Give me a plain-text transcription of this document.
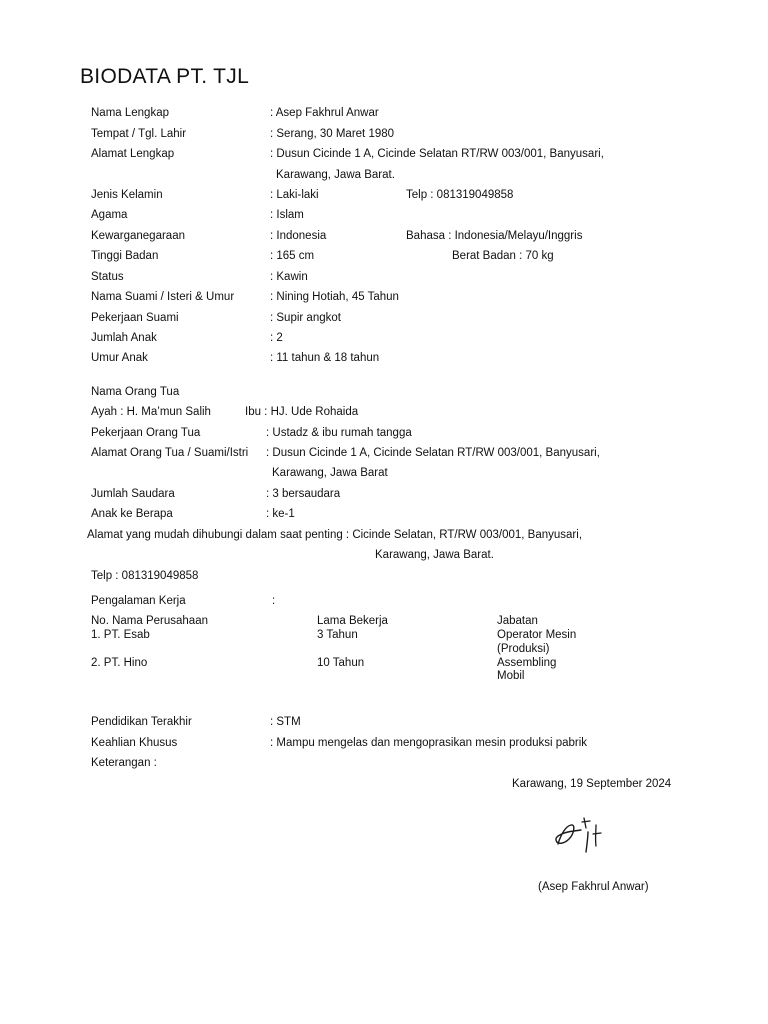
BIODATA PT. TJL
Nama Lengkap	: Asep Fakhrul Anwar
Tempat / Tgl. Lahir	: Serang, 30 Maret 1980
Alamat Lengkap	: Dusun Cicinde 1 A, Cicinde Selatan RT/RW 003/001, Banyusari,
Karawang, Jawa Barat.
Jenis Kelamin	: Laki-laki	Telp : 081319049858
Agama	: Islam
Kewarganegaraan	: Indonesia	Bahasa : Indonesia/Melayu/Inggris
Tinggi Badan	: 165 cm	Berat Badan : 70 kg
Status	: Kawin
Nama Suami / Isteri & Umur	: Nining Hotiah, 45 Tahun
Pekerjaan Suami	: Supir angkot
Jumlah Anak	: 2
Umur Anak	: 11 tahun & 18 tahun
Nama Orang Tua
Ayah : H. Ma’mun Salih	Ibu : HJ. Ude Rohaida
Pekerjaan Orang Tua	: Ustadz & ibu rumah tangga
Alamat Orang Tua / Suami/Istri : Dusun Cicinde 1 A, Cicinde Selatan RT/RW 003/001, Banyusari,
Karawang, Jawa Barat
Jumlah Saudara	: 3 bersaudara
Anak ke Berapa	: ke-1
Alamat yang mudah dihubungi dalam saat penting : Cicinde Selatan, RT/RW 003/001, Banyusari,
Karawang, Jawa Barat.
Telp : 081319049858
Pengalaman Kerja	:
No. Nama Perusahaan	Lama Bekerja	Jabatan
1. PT. Esab	3 Tahun	Operator Mesin
(Produksi)
2. PT. Hino	10 Tahun	Assembling
Mobil
Pendidikan Terakhir	: STM
Keahlian Khusus	: Mampu mengelas dan mengoprasikan mesin produksi pabrik
Keterangan :
Karawang, 19 September 2024
(Asep Fakhrul Anwar)
